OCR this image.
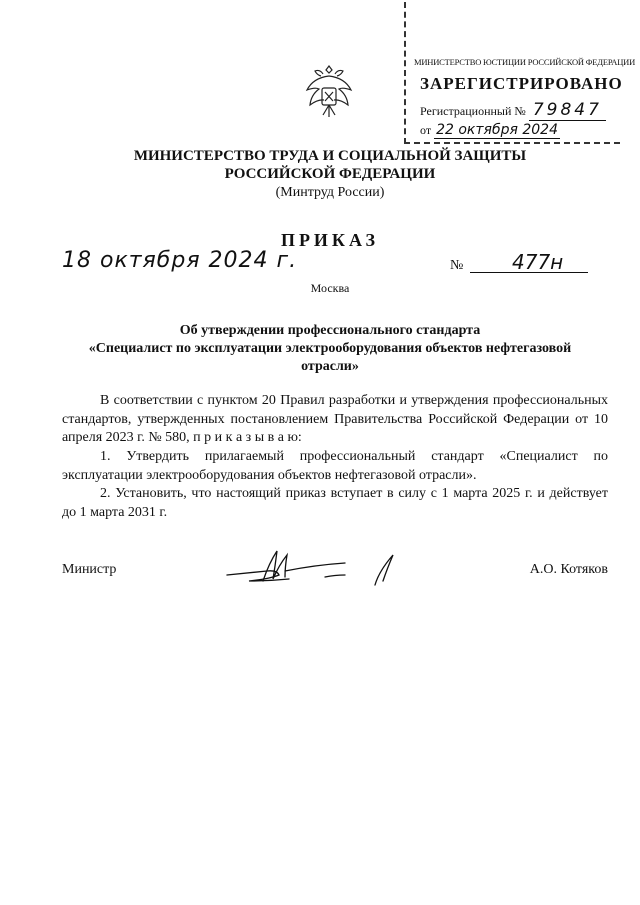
МИНИСТЕРСТВО ЮСТИЦИИ РОССИЙСКОЙ ФЕДЕРАЦИИ
ЗАРЕГИСТРИРОВАНО
Регистрационный № 79847
от 22 октября 2024
МИНИСТЕРСТВО ТРУДА И СОЦИАЛЬНОЙ ЗАЩИТЫ
РОССИЙСКОЙ ФЕДЕРАЦИИ
(Минтруд России)
ПРИКАЗ
18 октября 2024 г.	№ 477н
Москва
Об утверждении профессионального стандарта
«Специалист по эксплуатации электрооборудования объектов нефтегазовой
отрасли»

В соответствии с пунктом 20 Правил разработки и утверждения профессиональных стандартов, утвержденных постановлением Правительства Российской Федерации от 10 апреля 2023 г. № 580, п р и к а з ы в а ю:

1. Утвердить прилагаемый профессиональный стандарт «Специалист по эксплуатации электрооборудования объектов нефтегазовой отрасли».

2. Установить, что настоящий приказ вступает в силу с 1 марта 2025 г. и действует до 1 марта 2031 г.

Министр	А.О. Котяков
